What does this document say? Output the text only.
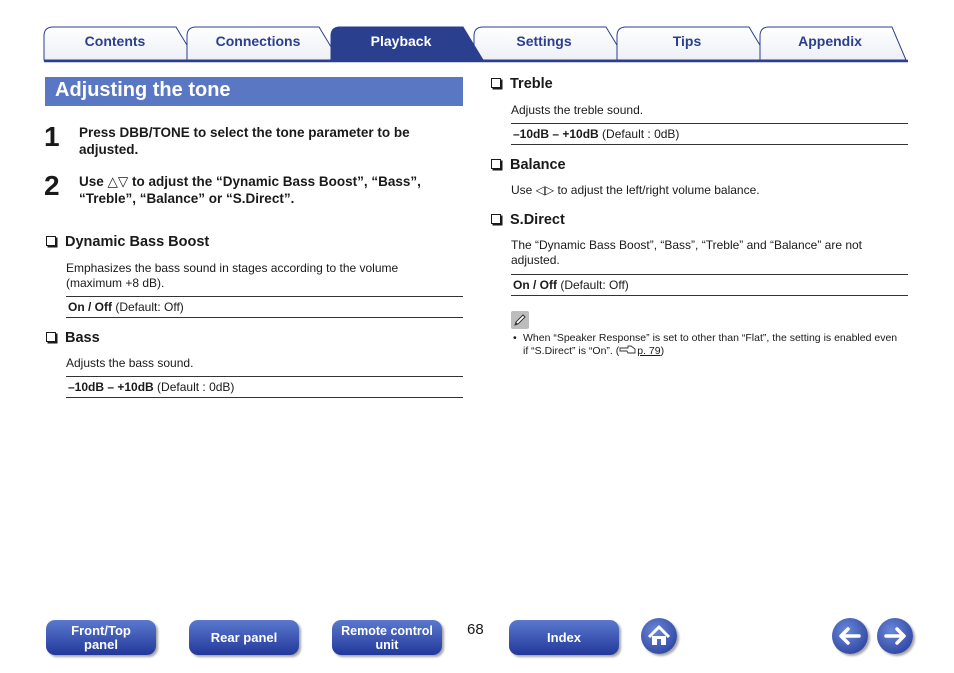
Contents	Connections	Playback	Settings	Tips	Appendix
Adjusting the tone
1 Press DBB/TONE to select the tone parameter to be adjusted.
2 Use △▽ to adjust the “Dynamic Bass Boost”, “Bass”, “Treble”, “Balance” or “S.Direct”.
Dynamic Bass Boost
Emphasizes the bass sound in stages according to the volume (maximum +8 dB).
On / Off (Default: Off)
Bass
Adjusts the bass sound.
–10dB – +10dB (Default : 0dB)
Treble
Adjusts the treble sound.
–10dB – +10dB (Default : 0dB)
Balance
Use ◁▷ to adjust the left/right volume balance.
S.Direct
The “Dynamic Bass Boost”, “Bass”, “Treble” and “Balance” are not adjusted.
On / Off (Default: Off)
• When “Speaker Response” is set to other than “Flat”, the setting is enabled even if “S.Direct” is “On”. ( p. 79)
Front/Top
panel	Rear panel	Remote control
unit
68	Index
